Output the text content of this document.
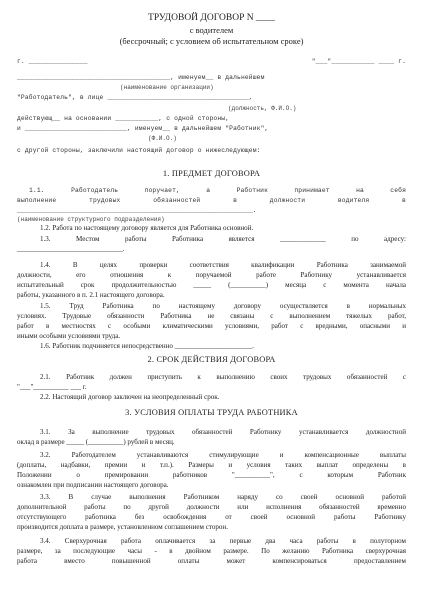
ТРУДОВОЙ ДОГОВОР N ____
с водителем
(бессрочный; с условием об испытательном сроке)
г. _______________	"___"___________ ____ г.
_______________________________________, именуем__ в дальнейшем
(наименование организации)
"Работодатель", в лице ____________________________________,
(должность, Ф.И.О.)
действующ__ на основании ___________, с одной стороны,
и __________________________, именуем__ в дальнейшем "Работник",
(Ф.И.О.)
с другой стороны, заключили настоящий договор о нижеследующем:
1. ПРЕДМЕТ ДОГОВОРА
1.1. Работодатель поручает, а Работник принимает на себя
выполнение трудовых обязанностей в должности водителя в
____________________________________________________________.
(наименование структурного подразделения)
1.2. Работа по настоящему договору является для Работника основной.
1.3. Местом работы Работника является _____________ по адресу:
______________________________.
1.4. В целях проверки соответствия квалификации Работника занимаемой
должности, его отношения к поручаемой работе Работнику устанавливается
испытательный срок продолжительностью _____ (__________) месяца с момента начала
работы, указанного в п. 2.1 настоящего договора.
1.5. Труд Работника по настоящему договору осуществляется в нормальных
условиях. Трудовые обязанности Работника не связаны с выполнением тяжелых работ,
работ в местностях с особыми климатическими условиями, работ с вредными, опасными и
иными особыми условиями труда.
1.6. Работник подчиняется непосредственно ______________________.
2. СРОК ДЕЙСТВИЯ ДОГОВОРА
2.1. Работник должен приступить к выполнению своих трудовых обязанностей с
"___"__________ ___ г.
2.2. Настоящий договор заключен на неопределенный срок.
3. УСЛОВИЯ ОПЛАТЫ ТРУДА РАБОТНИКА
3.1. За выполнение трудовых обязанностей Работнику устанавливается должностной
оклад в размере _____ (__________) рублей в месяц.
3.2. Работодателем устанавливаются стимулирующие и компенсационные выплаты
(доплаты, надбавки, премии и т.п.). Размеры и условия таких выплат определены в
Положении о премировании работников "__________", с которым Работник
ознакомлен при подписании настоящего договора.
3.3. В случае выполнения Работником наряду со своей основной работой
дополнительной работы по другой должности или исполнения обязанностей временно
отсутствующего работника без освобождения от своей основной работы Работнику
производится доплата в размере, установленном соглашением сторон.
3.4. Сверхурочная работа оплачивается за первые два часа работы в полуторном
размере, за последующие часы - в двойном размере. По желанию Работника сверхурочная
работа вместо повышенной оплаты может компенсироваться предоставлением
